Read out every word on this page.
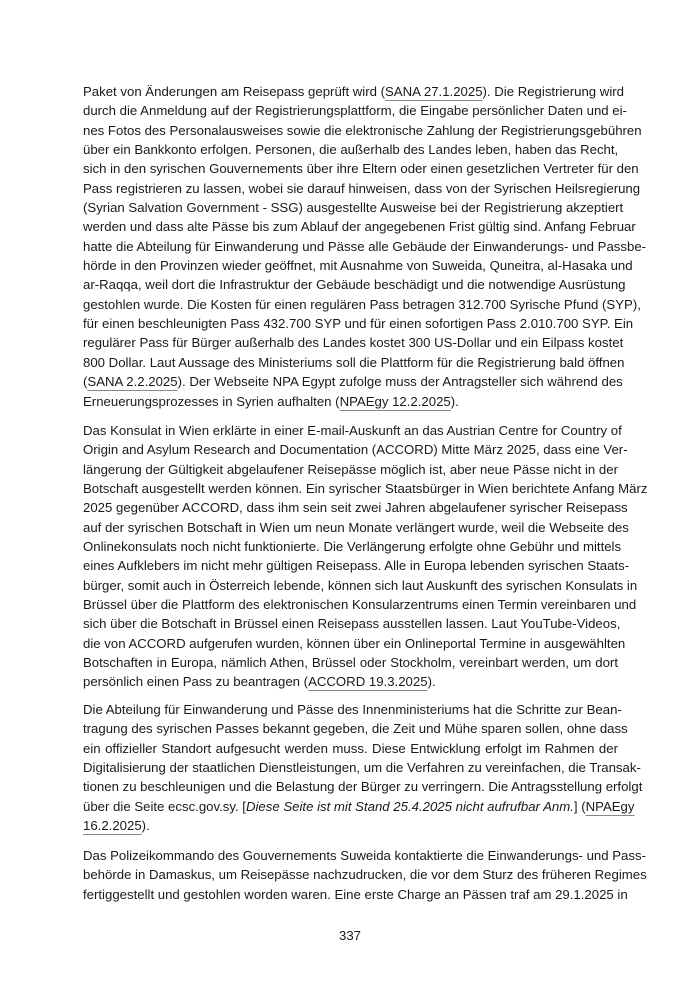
Paket von Änderungen am Reisepass geprüft wird (SANA 27.1.2025). Die Registrierung wird
durch die Anmeldung auf der Registrierungsplattform, die Eingabe persönlicher Daten und ei-
nes Fotos des Personalausweises sowie die elektronische Zahlung der Registrierungsgebühren
über ein Bankkonto erfolgen. Personen, die außerhalb des Landes leben, haben das Recht,
sich in den syrischen Gouvernements über ihre Eltern oder einen gesetzlichen Vertreter für den
Pass registrieren zu lassen, wobei sie darauf hinweisen, dass von der Syrischen Heilsregierung
(Syrian Salvation Government - SSG) ausgestellte Ausweise bei der Registrierung akzeptiert
werden und dass alte Pässe bis zum Ablauf der angegebenen Frist gültig sind. Anfang Februar
hatte die Abteilung für Einwanderung und Pässe alle Gebäude der Einwanderungs- und Passbe-
hörde in den Provinzen wieder geöffnet, mit Ausnahme von Suweida, Quneitra, al-Hasaka und
ar-Raqqa, weil dort die Infrastruktur der Gebäude beschädigt und die notwendige Ausrüstung
gestohlen wurde. Die Kosten für einen regulären Pass betragen 312.700 Syrische Pfund (SYP),
für einen beschleunigten Pass 432.700 SYP und für einen sofortigen Pass 2.010.700 SYP. Ein
regulärer Pass für Bürger außerhalb des Landes kostet 300 US-Dollar und ein Eilpass kostet
800 Dollar. Laut Aussage des Ministeriums soll die Plattform für die Registrierung bald öffnen
(SANA 2.2.2025). Der Webseite NPA Egypt zufolge muss der Antragsteller sich während des
Erneuerungsprozesses in Syrien aufhalten (NPAEgy 12.2.2025).
Das Konsulat in Wien erklärte in einer E-mail-Auskunft an das Austrian Centre for Country of
Origin and Asylum Research and Documentation (ACCORD) Mitte März 2025, dass eine Ver-
längerung der Gültigkeit abgelaufener Reisepässe möglich ist, aber neue Pässe nicht in der
Botschaft ausgestellt werden können. Ein syrischer Staatsbürger in Wien berichtete Anfang März
2025 gegenüber ACCORD, dass ihm sein seit zwei Jahren abgelaufener syrischer Reisepass
auf der syrischen Botschaft in Wien um neun Monate verlängert wurde, weil die Webseite des
Onlinekonsulats noch nicht funktionierte. Die Verlängerung erfolgte ohne Gebühr und mittels
eines Aufklebers im nicht mehr gültigen Reisepass. Alle in Europa lebenden syrischen Staats-
bürger, somit auch in Österreich lebende, können sich laut Auskunft des syrischen Konsulats in
Brüssel über die Plattform des elektronischen Konsularzentrums einen Termin vereinbaren und
sich über die Botschaft in Brüssel einen Reisepass ausstellen lassen. Laut YouTube-Videos,
die von ACCORD aufgerufen wurden, können über ein Onlineportal Termine in ausgewählten
Botschaften in Europa, nämlich Athen, Brüssel oder Stockholm, vereinbart werden, um dort
persönlich einen Pass zu beantragen (ACCORD 19.3.2025).
Die Abteilung für Einwanderung und Pässe des Innenministeriums hat die Schritte zur Bean-
tragung des syrischen Passes bekannt gegeben, die Zeit und Mühe sparen sollen, ohne dass
ein offizieller Standort aufgesucht werden muss. Diese Entwicklung erfolgt im Rahmen der
Digitalisierung der staatlichen Dienstleistungen, um die Verfahren zu vereinfachen, die Transak-
tionen zu beschleunigen und die Belastung der Bürger zu verringern. Die Antragsstellung erfolgt
über die Seite ecsc.gov.sy. [Diese Seite ist mit Stand 25.4.2025 nicht aufrufbar Anm.] (NPAEgy
16.2.2025).
Das Polizeikommando des Gouvernements Suweida kontaktierte die Einwanderungs- und Pass-
behörde in Damaskus, um Reisepässe nachzudrucken, die vor dem Sturz des früheren Regimes
fertiggestellt und gestohlen worden waren. Eine erste Charge an Pässen traf am 29.1.2025 in
337
